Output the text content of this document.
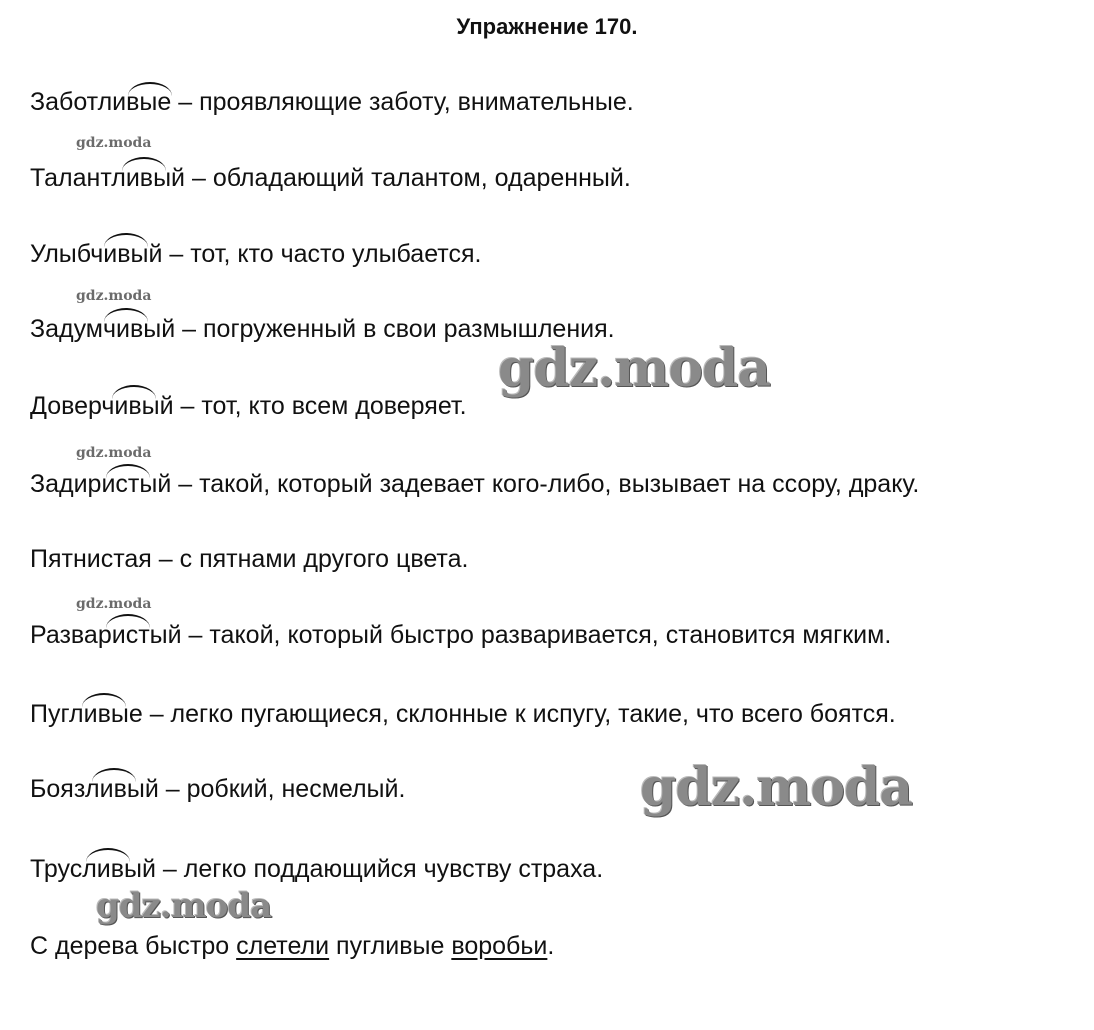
Упражнение 170.
gdz.moda
gdz.moda
gdz.moda
gdz.moda
gdz.moda
gdz.moda
gdz.moda
Заботливые – проявляющие заботу, внимательные.
Талантливый – обладающий талантом, одаренный.
Улыбчивый – тот, кто часто улыбается.
Задумчивый – погруженный в свои размышления.
Доверчивый – тот, кто всем доверяет.
Задиристый – такой, который задевает кого-либо, вызывает на ссору, драку.
Пятнистая – с пятнами другого цвета.
Разваристый – такой, который быстро разваривается, становится мягким.
Пугливые – легко пугающиеся, склонные к испугу, такие, что всего боятся.
Боязливый – робкий, несмелый.
Трусливый – легко поддающийся чувству страха.
С дерева быстро слетели пугливые воробьи.
